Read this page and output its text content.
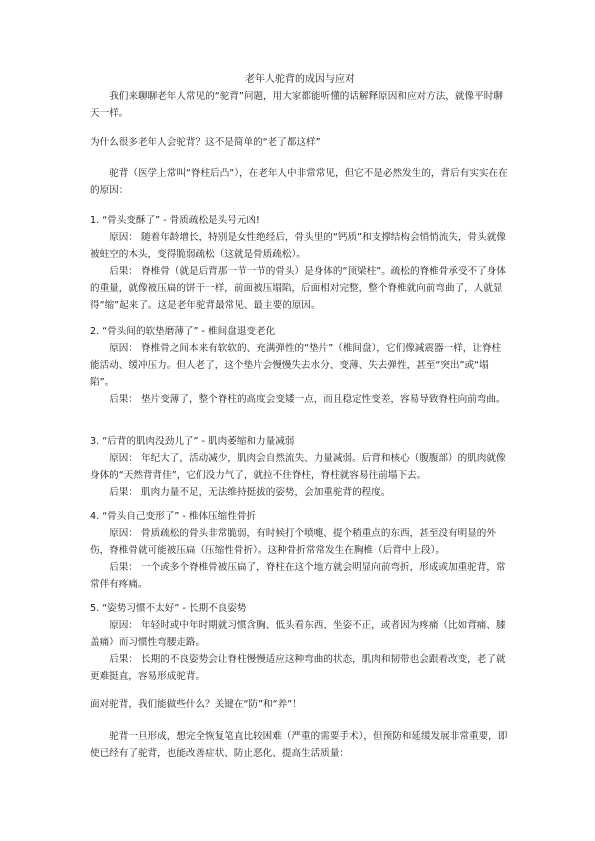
老年人驼背的成因与应对

我们来聊聊老年人常见的“驼背”问题，用大家都能听懂的话解释原因和应对方法，就像平时聊天一样。

为什么很多老年人会驼背？这不是简单的“老了都这样”

驼背（医学上常叫“脊柱后凸”），在老年人中非常常见，但它不是必然发生的，背后有实实在在的原因：

1. “骨头变酥了” - 骨质疏松是头号元凶!

原因： 随着年龄增长，特别是女性绝经后，骨头里的“钙质”和支撑结构会悄悄流失，骨头就像被蛀空的木头，变得脆弱疏松（这就是骨质疏松）。

后果： 脊椎骨（就是后背那一节一节的骨头）是身体的“顶梁柱”。疏松的脊椎骨承受不了身体的重量，就像被压扁的饼干一样，前面被压塌陷，后面相对完整，整个脊椎就向前弯曲了，人就显得“缩”起来了。这是老年驼背最常见、最主要的原因。

2. “骨头间的软垫磨薄了” - 椎间盘退变老化

原因： 脊椎骨之间本来有软软的、充满弹性的“垫片”（椎间盘），它们像减震器一样，让脊柱能活动、缓冲压力。但人老了，这个垫片会慢慢失去水分、变薄、失去弹性，甚至“突出”或“塌陷”。

后果： 垫片变薄了，整个脊柱的高度会变矮一点，而且稳定性变差，容易导致脊柱向前弯曲。

3. “后背的肌肉没劲儿了” - 肌肉萎缩和力量减弱

原因： 年纪大了，活动减少，肌肉会自然流失、力量减弱。后背和核心（腹腹部）的肌肉就像身体的“天然背背佳”，它们没力气了，就拉不住脊柱，脊柱就容易往前塌下去。

后果： 肌肉力量不足，无法维持挺拔的姿势，会加重驼背的程度。

4. “骨头自己变形了” - 椎体压缩性骨折

原因： 骨质疏松的骨头非常脆弱，有时候打个喷嚏、提个稍重点的东西，甚至没有明显的外伤，脊椎骨就可能被压扁（压缩性骨折）。这种骨折常常发生在胸椎（后背中上段）。

后果： 一个或多个脊椎骨被压扁了，脊柱在这个地方就会明显向前弯折，形成或加重驼背，常常伴有疼痛。

5. “姿势习惯不太好” - 长期不良姿势

原因： 年轻时或中年时期就习惯含胸、低头看东西、坐姿不正，或者因为疼痛（比如背痛、膝盖痛）而习惯性弯腰走路。

后果： 长期的不良姿势会让脊柱慢慢适应这种弯曲的状态，肌肉和韧带也会跟着改变，老了就更难挺直，容易形成驼背。

面对驼背，我们能做些什么？关键在“防”和“养”！

驼背一旦形成，想完全恢复笔直比较困难（严重的需要手术），但预防和延缓发展非常重要，即使已经有了驼背，也能改善症状、防止恶化、提高生活质量：
